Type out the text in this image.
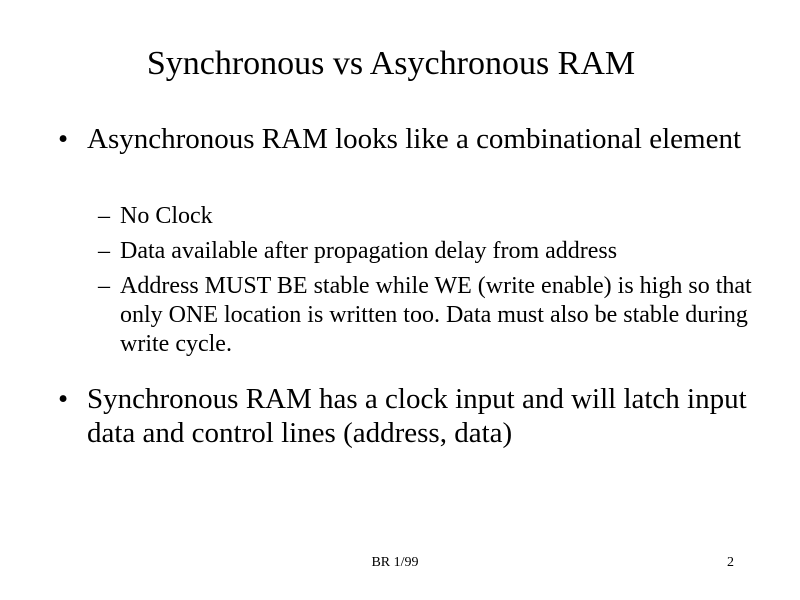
Synchronous vs Asychronous RAM
• Asynchronous RAM looks like a combinational element
– No Clock
– Data available after propagation delay from address
– Address MUST BE stable while WE (write enable) is high so that only ONE location is written too. Data must also be stable during write cycle.
• Synchronous RAM has a clock input and will latch input data and control lines (address, data)
BR 1/99	2
